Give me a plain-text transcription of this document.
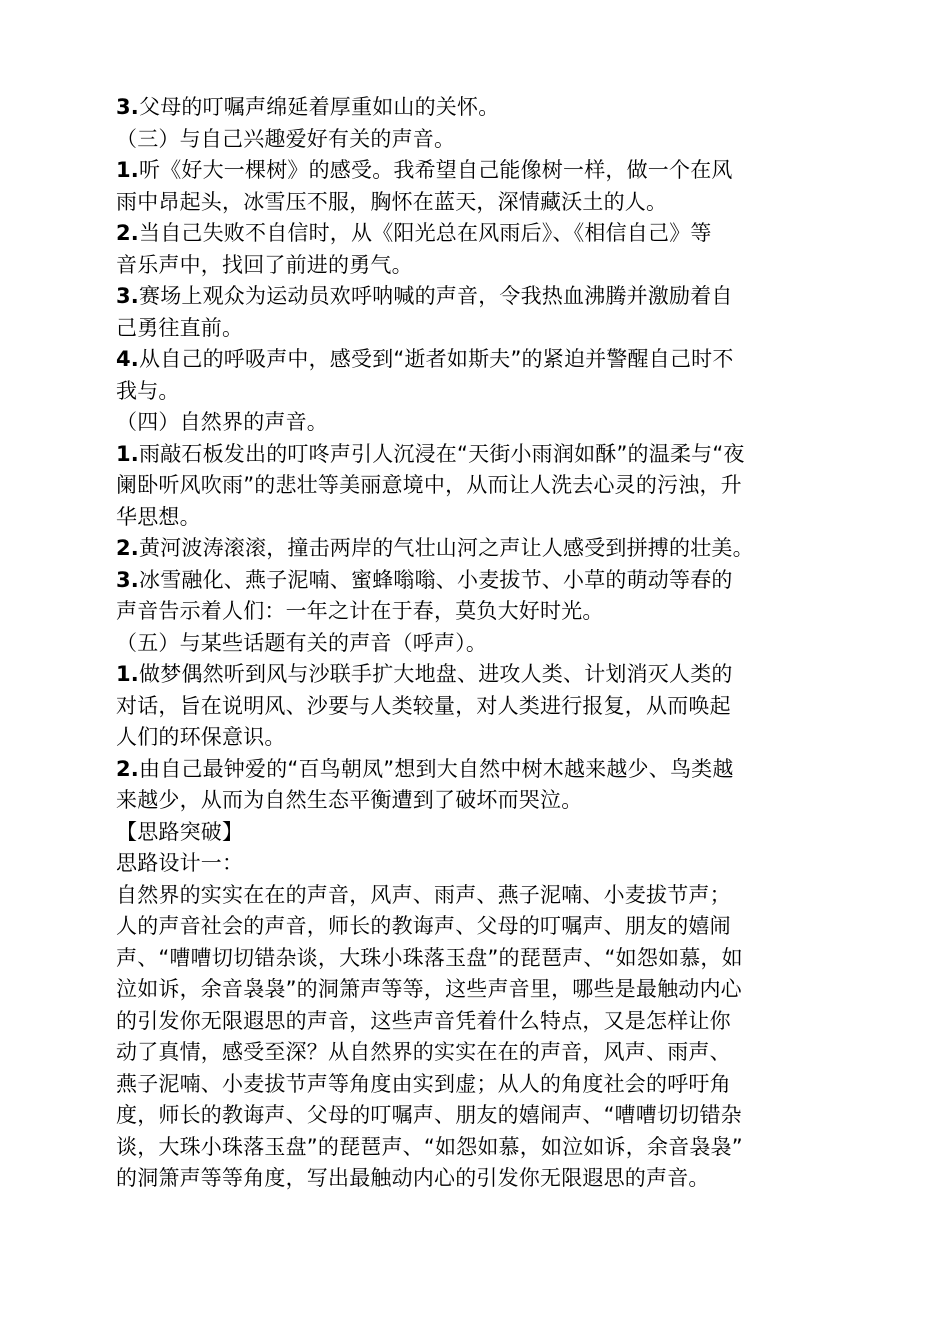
3.父母的叮嘱声绵延着厚重如山的关怀。

（三）与自己兴趣爱好有关的声音。

1.听《好大一棵树》的感受。我希望自己能像树一样，做一个在风

雨中昂起头，冰雪压不服，胸怀在蓝天，深情藏沃土的人。

2.当自己失败不自信时，从《阳光总在风雨后》、《相信自己》等

音乐声中，找回了前进的勇气。

3.赛场上观众为运动员欢呼呐喊的声音，令我热血沸腾并激励着自

己勇往直前。

4.从自己的呼吸声中，感受到“逝者如斯夫”的紧迫并警醒自己时不

我与。

（四）自然界的声音。

1.雨敲石板发出的叮咚声引人沉浸在“天街小雨润如酥”的温柔与“夜

阑卧听风吹雨”的悲壮等美丽意境中，从而让人洗去心灵的污浊，升

华思想。

2.黄河波涛滚滚，撞击两岸的气壮山河之声让人感受到拼搏的壮美。

3.冰雪融化、燕子泥喃、蜜蜂嗡嗡、小麦拔节、小草的萌动等春的

声音告示着人们：一年之计在于春，莫负大好时光。

（五）与某些话题有关的声音（呼声）。

1.做梦偶然听到风与沙联手扩大地盘、进攻人类、计划消灭人类的

对话，旨在说明风、沙要与人类较量，对人类进行报复，从而唤起

人们的环保意识。

2.由自己最钟爱的“百鸟朝凤”想到大自然中树木越来越少、鸟类越

来越少，从而为自然生态平衡遭到了破坏而哭泣。

【思路突破】

思路设计一：

自然界的实实在在的声音，风声、雨声、燕子泥喃、小麦拔节声；

人的声音社会的声音，师长的教诲声、父母的叮嘱声、朋友的嬉闹

声、“嘈嘈切切错杂谈，大珠小珠落玉盘”的琵琶声、“如怨如慕，如

泣如诉，余音袅袅”的洞箫声等等，这些声音里，哪些是最触动内心

的引发你无限遐思的声音，这些声音凭着什么特点，又是怎样让你

动了真情，感受至深？从自然界的实实在在的声音，风声、雨声、

燕子泥喃、小麦拔节声等角度由实到虚；从人的角度社会的呼吁角

度，师长的教诲声、父母的叮嘱声、朋友的嬉闹声、“嘈嘈切切错杂

谈，大珠小珠落玉盘”的琵琶声、“如怨如慕，如泣如诉，余音袅袅”

的洞箫声等等角度，写出最触动内心的引发你无限遐思的声音。
